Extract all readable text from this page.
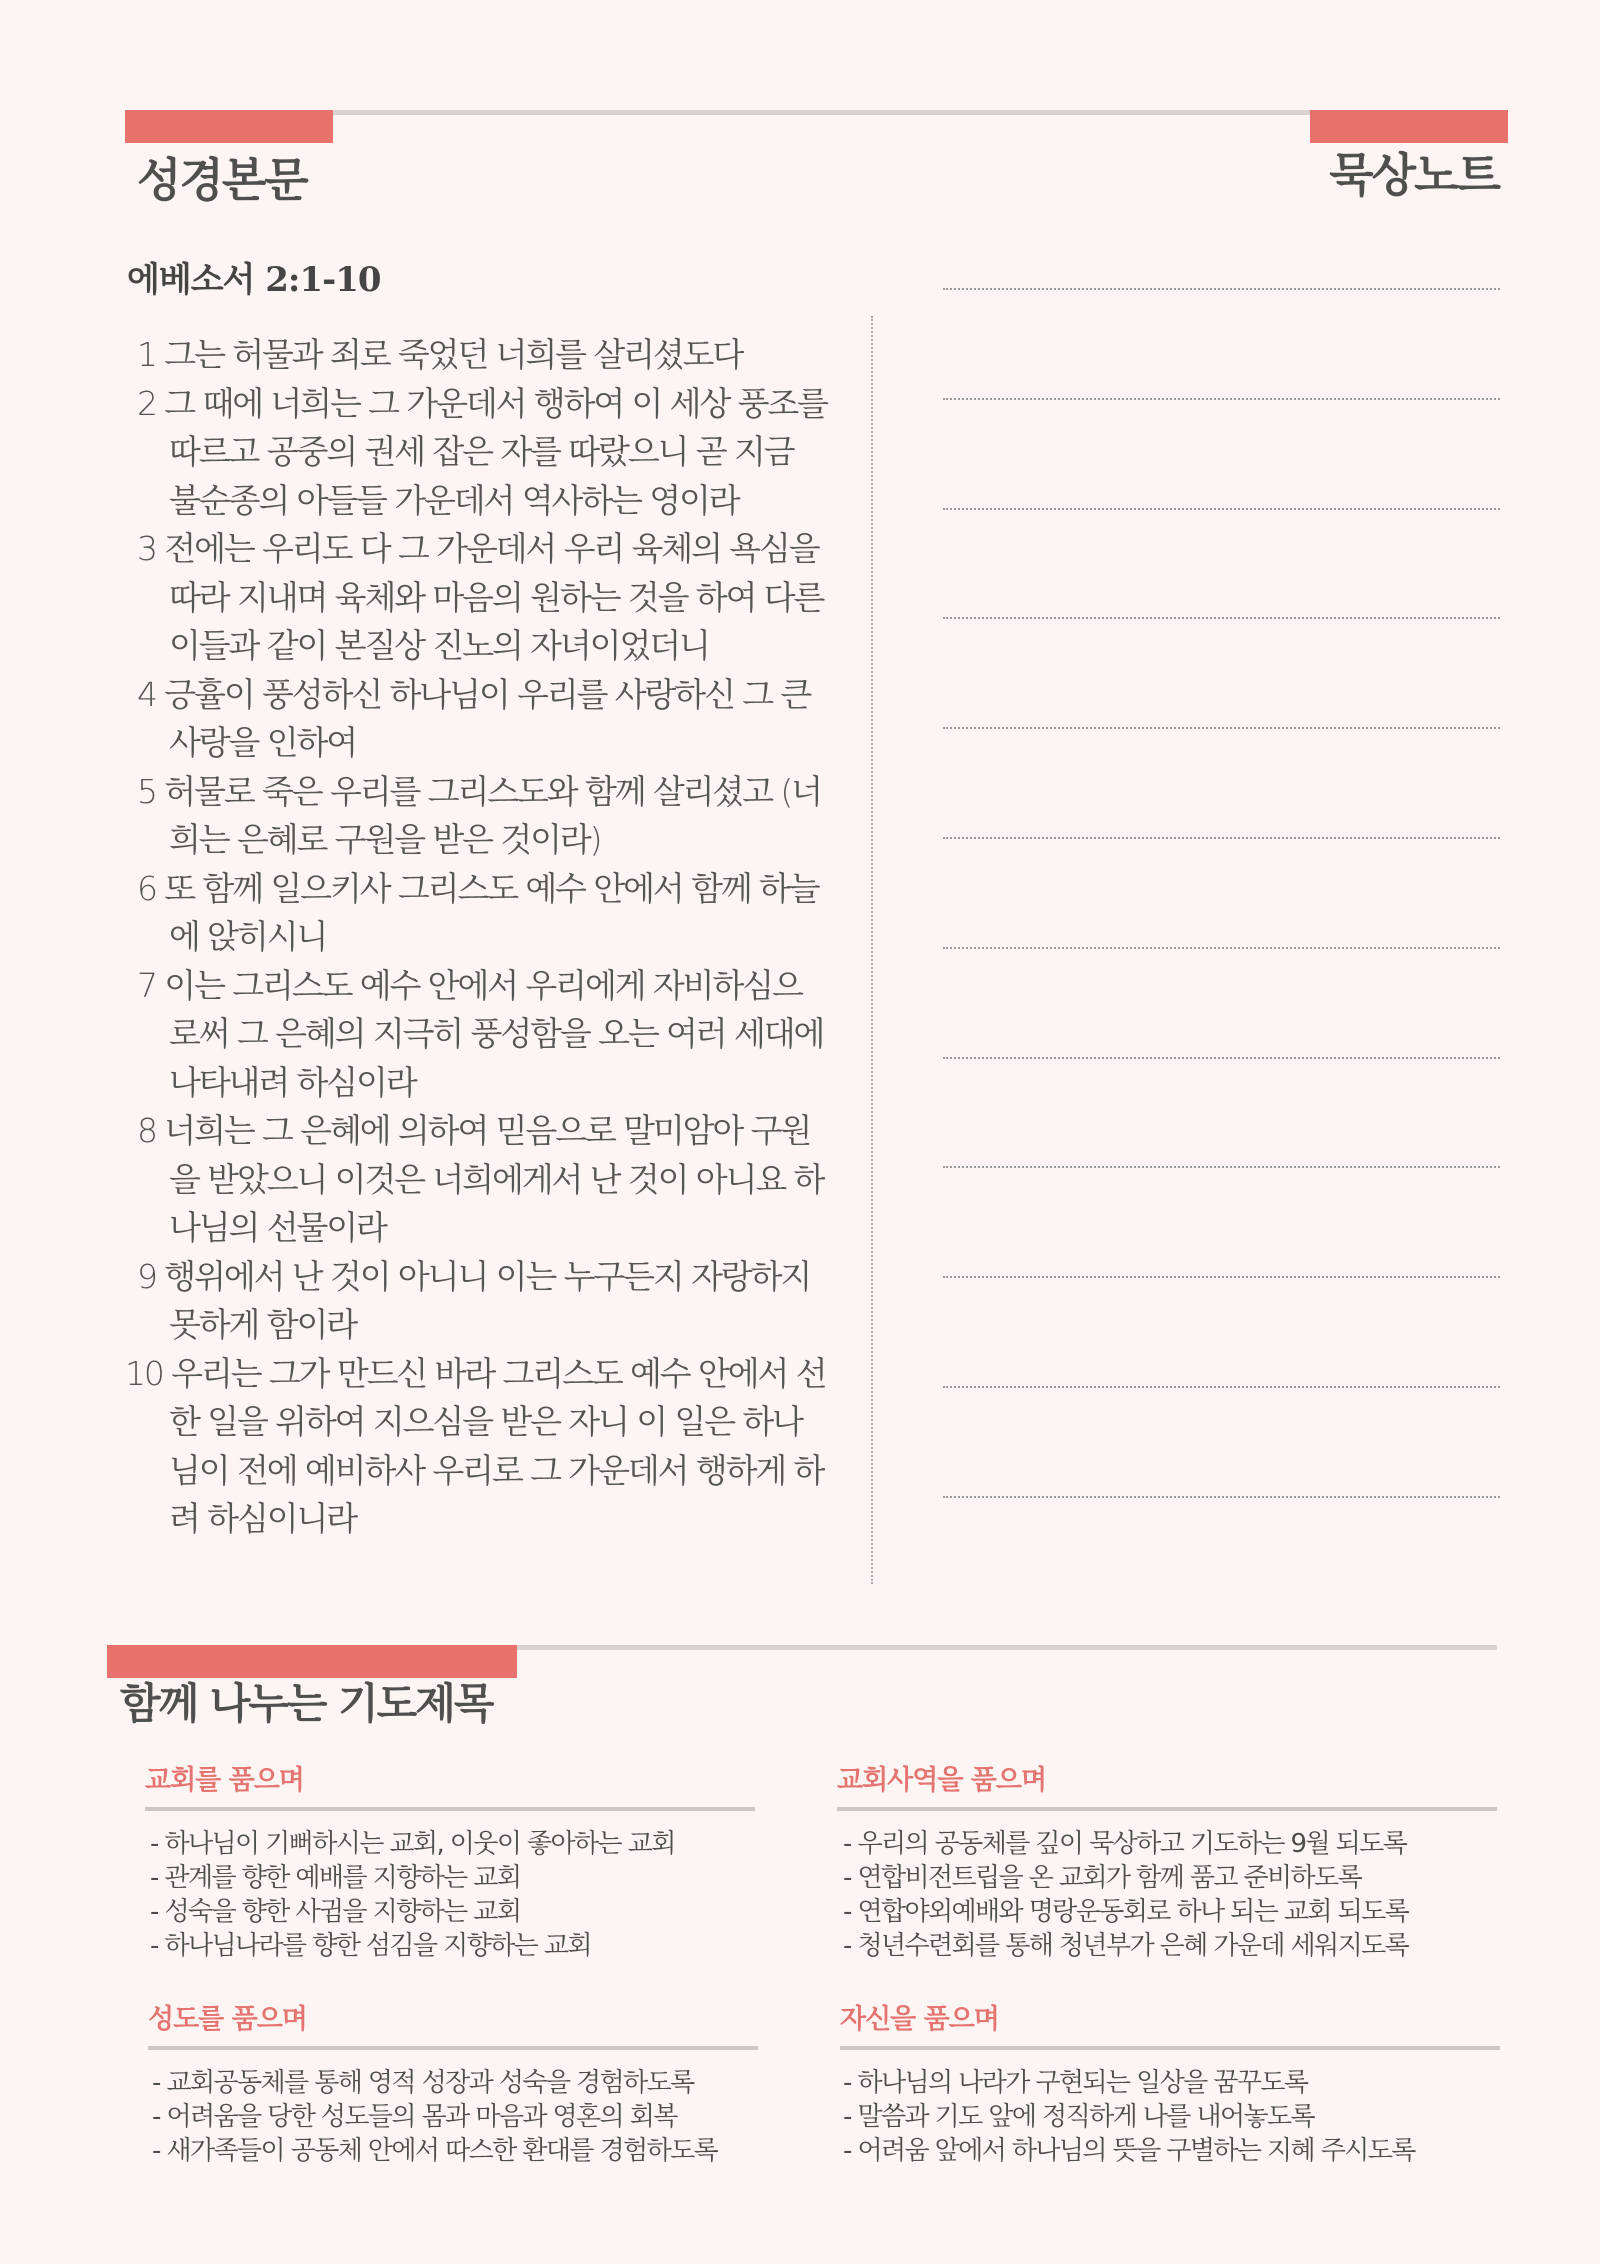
성경본문	묵상노트
에베소서 2:1-10
1 그는 허물과 죄로 죽었던 너희를 살리셨도다
2 그 때에 너희는 그 가운데서 행하여 이 세상 풍조를 따르고 공중의 권세 잡은 자를 따랐으니 곧 지금 불순종의 아들들 가운데서 역사하는 영이라
3 전에는 우리도 다 그 가운데서 우리 육체의 욕심을 따라 지내며 육체와 마음의 원하는 것을 하여 다른 이들과 같이 본질상 진노의 자녀이었더니
4 긍휼이 풍성하신 하나님이 우리를 사랑하신 그 큰 사랑을 인하여
5 허물로 죽은 우리를 그리스도와 함께 살리셨고 (너희는 은혜로 구원을 받은 것이라)
6 또 함께 일으키사 그리스도 예수 안에서 함께 하늘에 앉히시니
7 이는 그리스도 예수 안에서 우리에게 자비하심으로써 그 은혜의 지극히 풍성함을 오는 여러 세대에 나타내려 하심이라
8 너희는 그 은혜에 의하여 믿음으로 말미암아 구원을 받았으니 이것은 너희에게서 난 것이 아니요 하나님의 선물이라
9 행위에서 난 것이 아니니 이는 누구든지 자랑하지 못하게 함이라
10 우리는 그가 만드신 바라 그리스도 예수 안에서 선한 일을 위하여 지으심을 받은 자니 이 일은 하나님이 전에 예비하사 우리로 그 가운데서 행하게 하려 하심이니라
함께 나누는 기도제목
교회를 품으며
- 하나님이 기뻐하시는 교회, 이웃이 좋아하는 교회
- 관계를 향한 예배를 지향하는 교회
- 성숙을 향한 사귐을 지향하는 교회
- 하나님나라를 향한 섬김을 지향하는 교회
교회사역을 품으며
- 우리의 공동체를 깊이 묵상하고 기도하는 9월 되도록
- 연합비전트립을 온 교회가 함께 품고 준비하도록
- 연합야외예배와 명랑운동회로 하나 되는 교회 되도록
- 청년수련회를 통해 청년부가 은혜 가운데 세워지도록
성도를 품으며
- 교회공동체를 통해 영적 성장과 성숙을 경험하도록
- 어려움을 당한 성도들의 몸과 마음과 영혼의 회복
- 새가족들이 공동체 안에서 따스한 환대를 경험하도록
자신을 품으며
- 하나님의 나라가 구현되는 일상을 꿈꾸도록
- 말씀과 기도 앞에 정직하게 나를 내어놓도록
- 어려움 앞에서 하나님의 뜻을 구별하는 지혜 주시도록
